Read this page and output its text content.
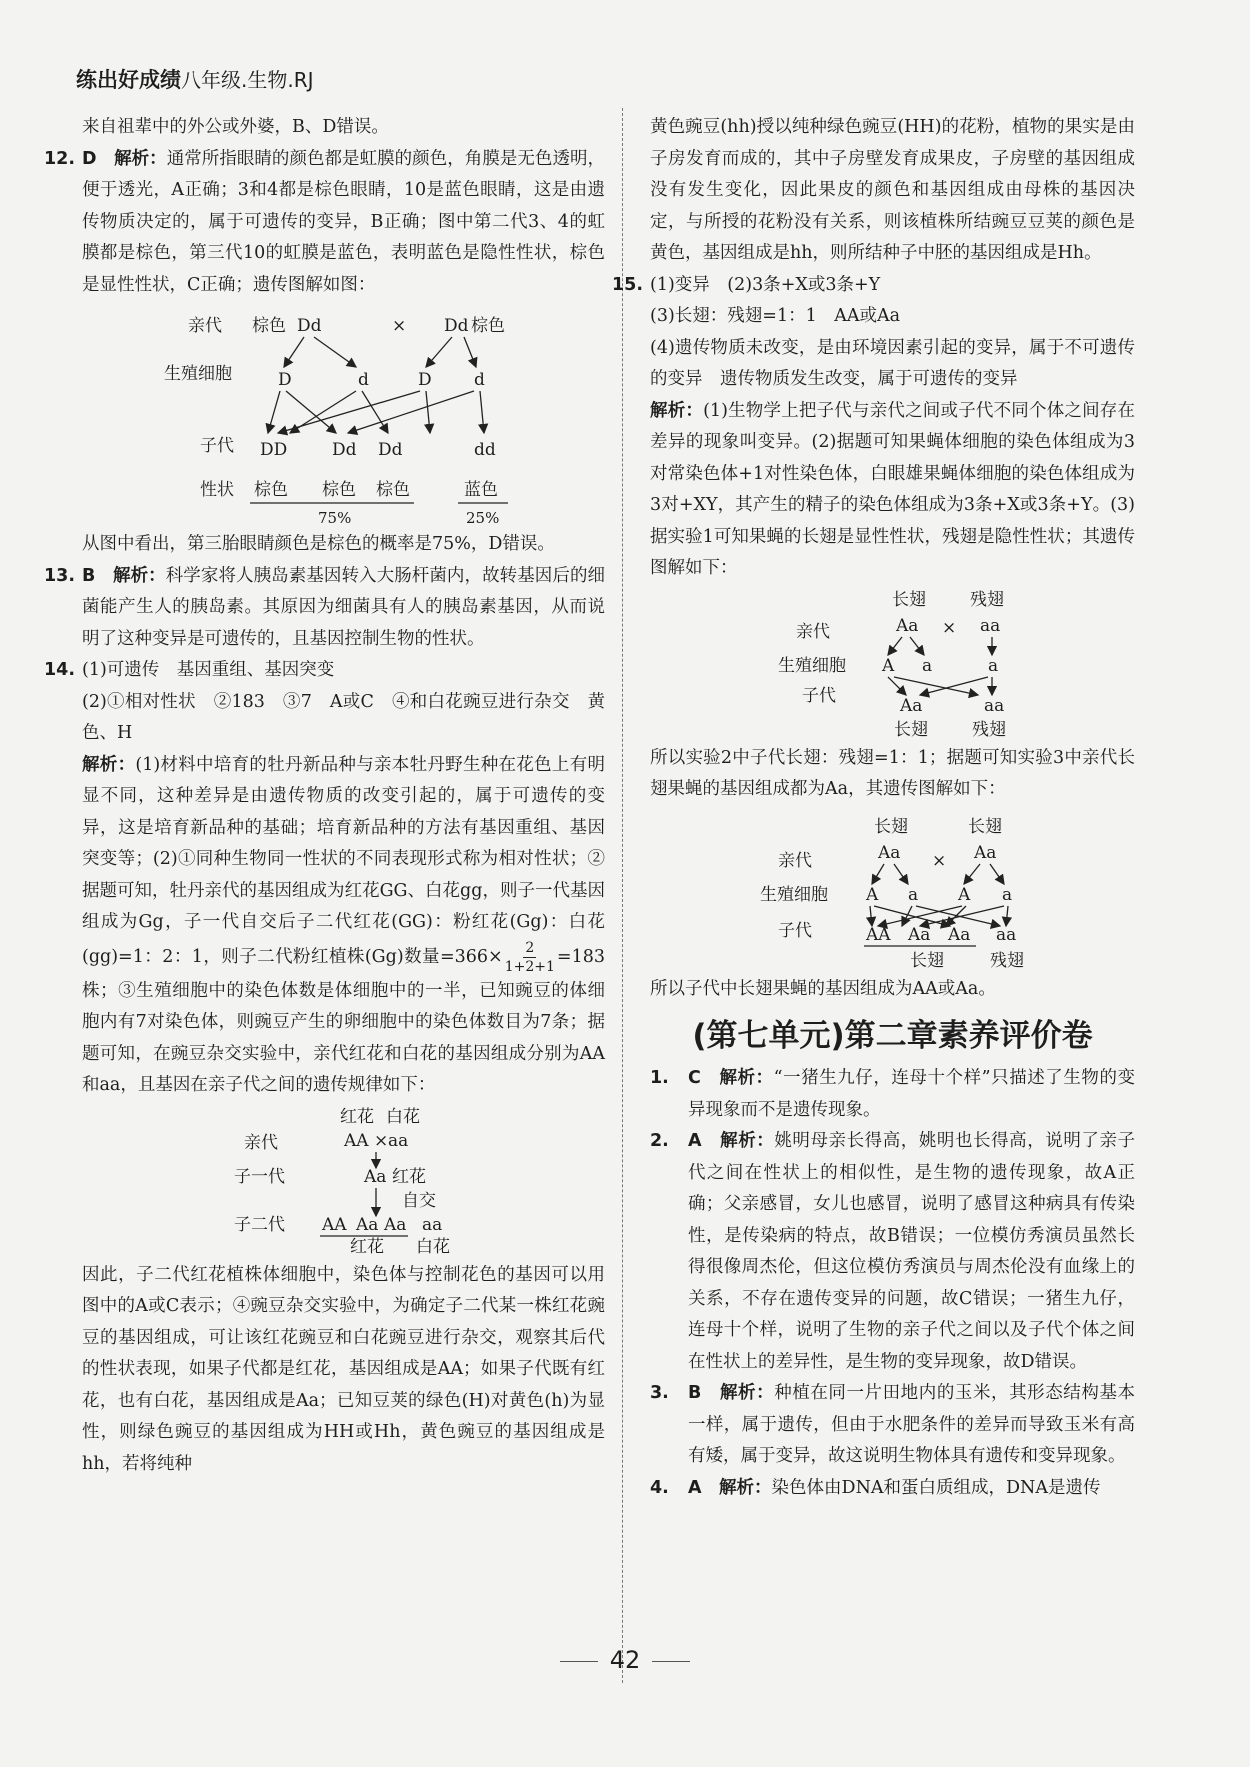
练出好成绩八年级.生物.RJ

来自祖辈中的外公或外婆，B、D错误。

12. D　 解析：通常所指眼睛的颜色都是虹膜的颜色，角膜是无色透明，便于透光，A正确；3和4都是棕色眼睛，10是蓝色眼睛，这是由遗传物质决定的，属于可遗传的变异，B正确；图中第二代3、4的虹膜都是棕色，第三代10的虹膜是蓝色，表明蓝色是隐性性状，棕色是显性性状，C正确；遗传图解如图：

亲代
生殖细胞
子代
性状
棕色 Dd	× Dd 棕色
D	d	D d
DD	Dd Dd	dd
棕色 棕色 棕色	蓝色
75%	25%

从图中看出，第三胎眼睛颜色是棕色的概率是75%，D错误。

13. B　 解析：科学家将人胰岛素基因转入大肠杆菌内，故转基因后的细菌能产生人的胰岛素。其原因为细菌具有人的胰岛素基因，从而说明了这种变异是可遗传的，且基因控制生物的性状。

14. (1)可遗传　基因重组、基因突变

(2)①相对性状　②183　③7　A或C　④和白花豌豆进行杂交　黄色、H

解析：(1)材料中培育的牡丹新品种与亲本牡丹野生种在花色上有明显不同，这种差异是由遗传物质的改变引起的，属于可遗传的变异，这是培育新品种的基础；培育新品种的方法有基因重组、基因突变等；(2)①同种生物同一性状的不同表现形式称为相对性状；②据题可知，牡丹亲代的基因组成为红花GG、白花gg，则子一代基因组成为Gg，子一代自交后子二代红花(GG)：粉红花(Gg)：白花(gg)=1：2：1，则子二代粉红植株(Gg)数量$=366\times \frac{2}{1+2+1} =183$株；③生殖细胞中的染色体数是体细胞中的一半，已知豌豆的体细胞内有7对染色体，则豌豆产生的卵细胞中的染色体数目为7条；据题可知，在豌豆杂交实验中，亲代红花和白花的基因组成分别为AA和aa，且基因在亲子代之间的遗传规律如下：

红花 白花
亲代	AA × aa
子一代	Aa 红花
自交
子二代 AA Aa Aa aa
红花 白花

因此，子二代红花植株体细胞中，染色体与控制花色的基因可以用图中的A或C表示；④豌豆杂交实验中，为确定子二代某一株红花豌豆的基因组成，可让该红花豌豆和白花豌豆进行杂交，观察其后代的性状表现，如果子代都是红花，基因组成是AA；如果子代既有红花，也有白花，基因组成是Aa；已知豆荚的绿色(H)对黄色(h)为显性，则绿色豌豆的基因组成为HH或Hh，黄色豌豆的基因组成是hh，若将纯种

黄色豌豆(hh)授以纯种绿色豌豆(HH)的花粉，植物的果实是由子房发育而成的，其中子房壁发育成果皮，子房壁的基因组成没有发生变化，因此果皮的颜色和基因组成由母株的基因决定，与所授的花粉没有关系，则该植株所结豌豆豆荚的颜色是黄色，基因组成是hh，则所结种子中胚的基因组成是Hh。

15. (1)变异　(2)3条+X或3条+Y

(3)长翅：残翅=1：1　AA或Aa

(4)遗传物质未改变，是由环境因素引起的变异，属于不可遗传的变异　遗传物质发生改变，属于可遗传的变异

解析：(1)生物学上把子代与亲代之间或子代不同个体之间存在差异的现象叫变异。(2)据题可知果蝇体细胞的染色体组成为3对常染色体+1对性染色体，白眼雄果蝇体细胞的染色体组成为3对+XY，其产生的精子的染色体组成为3条+X或3条+Y。(3)据实验1可知果蝇的长翅是显性性状，残翅是隐性性状；其遗传图解如下：

长翅	残翅
亲代	Aa × aa
生殖细胞 A a	a
子代	Aa	aa
长翅	残翅

所以实验2中子代长翅：残翅=1：1；据题可知实验3中亲代长翅果蝇的基因组成都为Aa，其遗传图解如下：

长翅	长翅
亲代	Aa × Aa
生殖细胞 A a A a
子代	AA Aa Aa aa
长翅	残翅

所以子代中长翅果蝇的基因组成为AA或Aa。

(第七单元)第二章素养评价卷
1.	C　 解析：“一猪生九仔，连母十个样”只描述了生物的变异现象而不是遗传现象。

2.	A　 解析：姚明母亲长得高，姚明也长得高，说明了亲子代之间在性状上的相似性，是生物的遗传现象，故A正确；父亲感冒，女儿也感冒，说明了感冒这种病具有传染性，是传染病的特点，故B错误；一位模仿秀演员虽然长得很像周杰伦，但这位模仿秀演员与周杰伦没有血缘上的关系，不存在遗传变异的问题，故C错误；一猪生九仔，连母十个样，说明了生物的亲子代之间以及子代个体之间在性状上的差异性，是生物的变异现象，故D错误。

3.	B　 解析：种植在同一片田地内的玉米，其形态结构基本一样，属于遗传，但由于水肥条件的差异而导致玉米有高有矮，属于变异，故这说明生物体具有遗传和变异现象。

4.	A　 解析：染色体由DNA和蛋白质组成，DNA是遗传

42
